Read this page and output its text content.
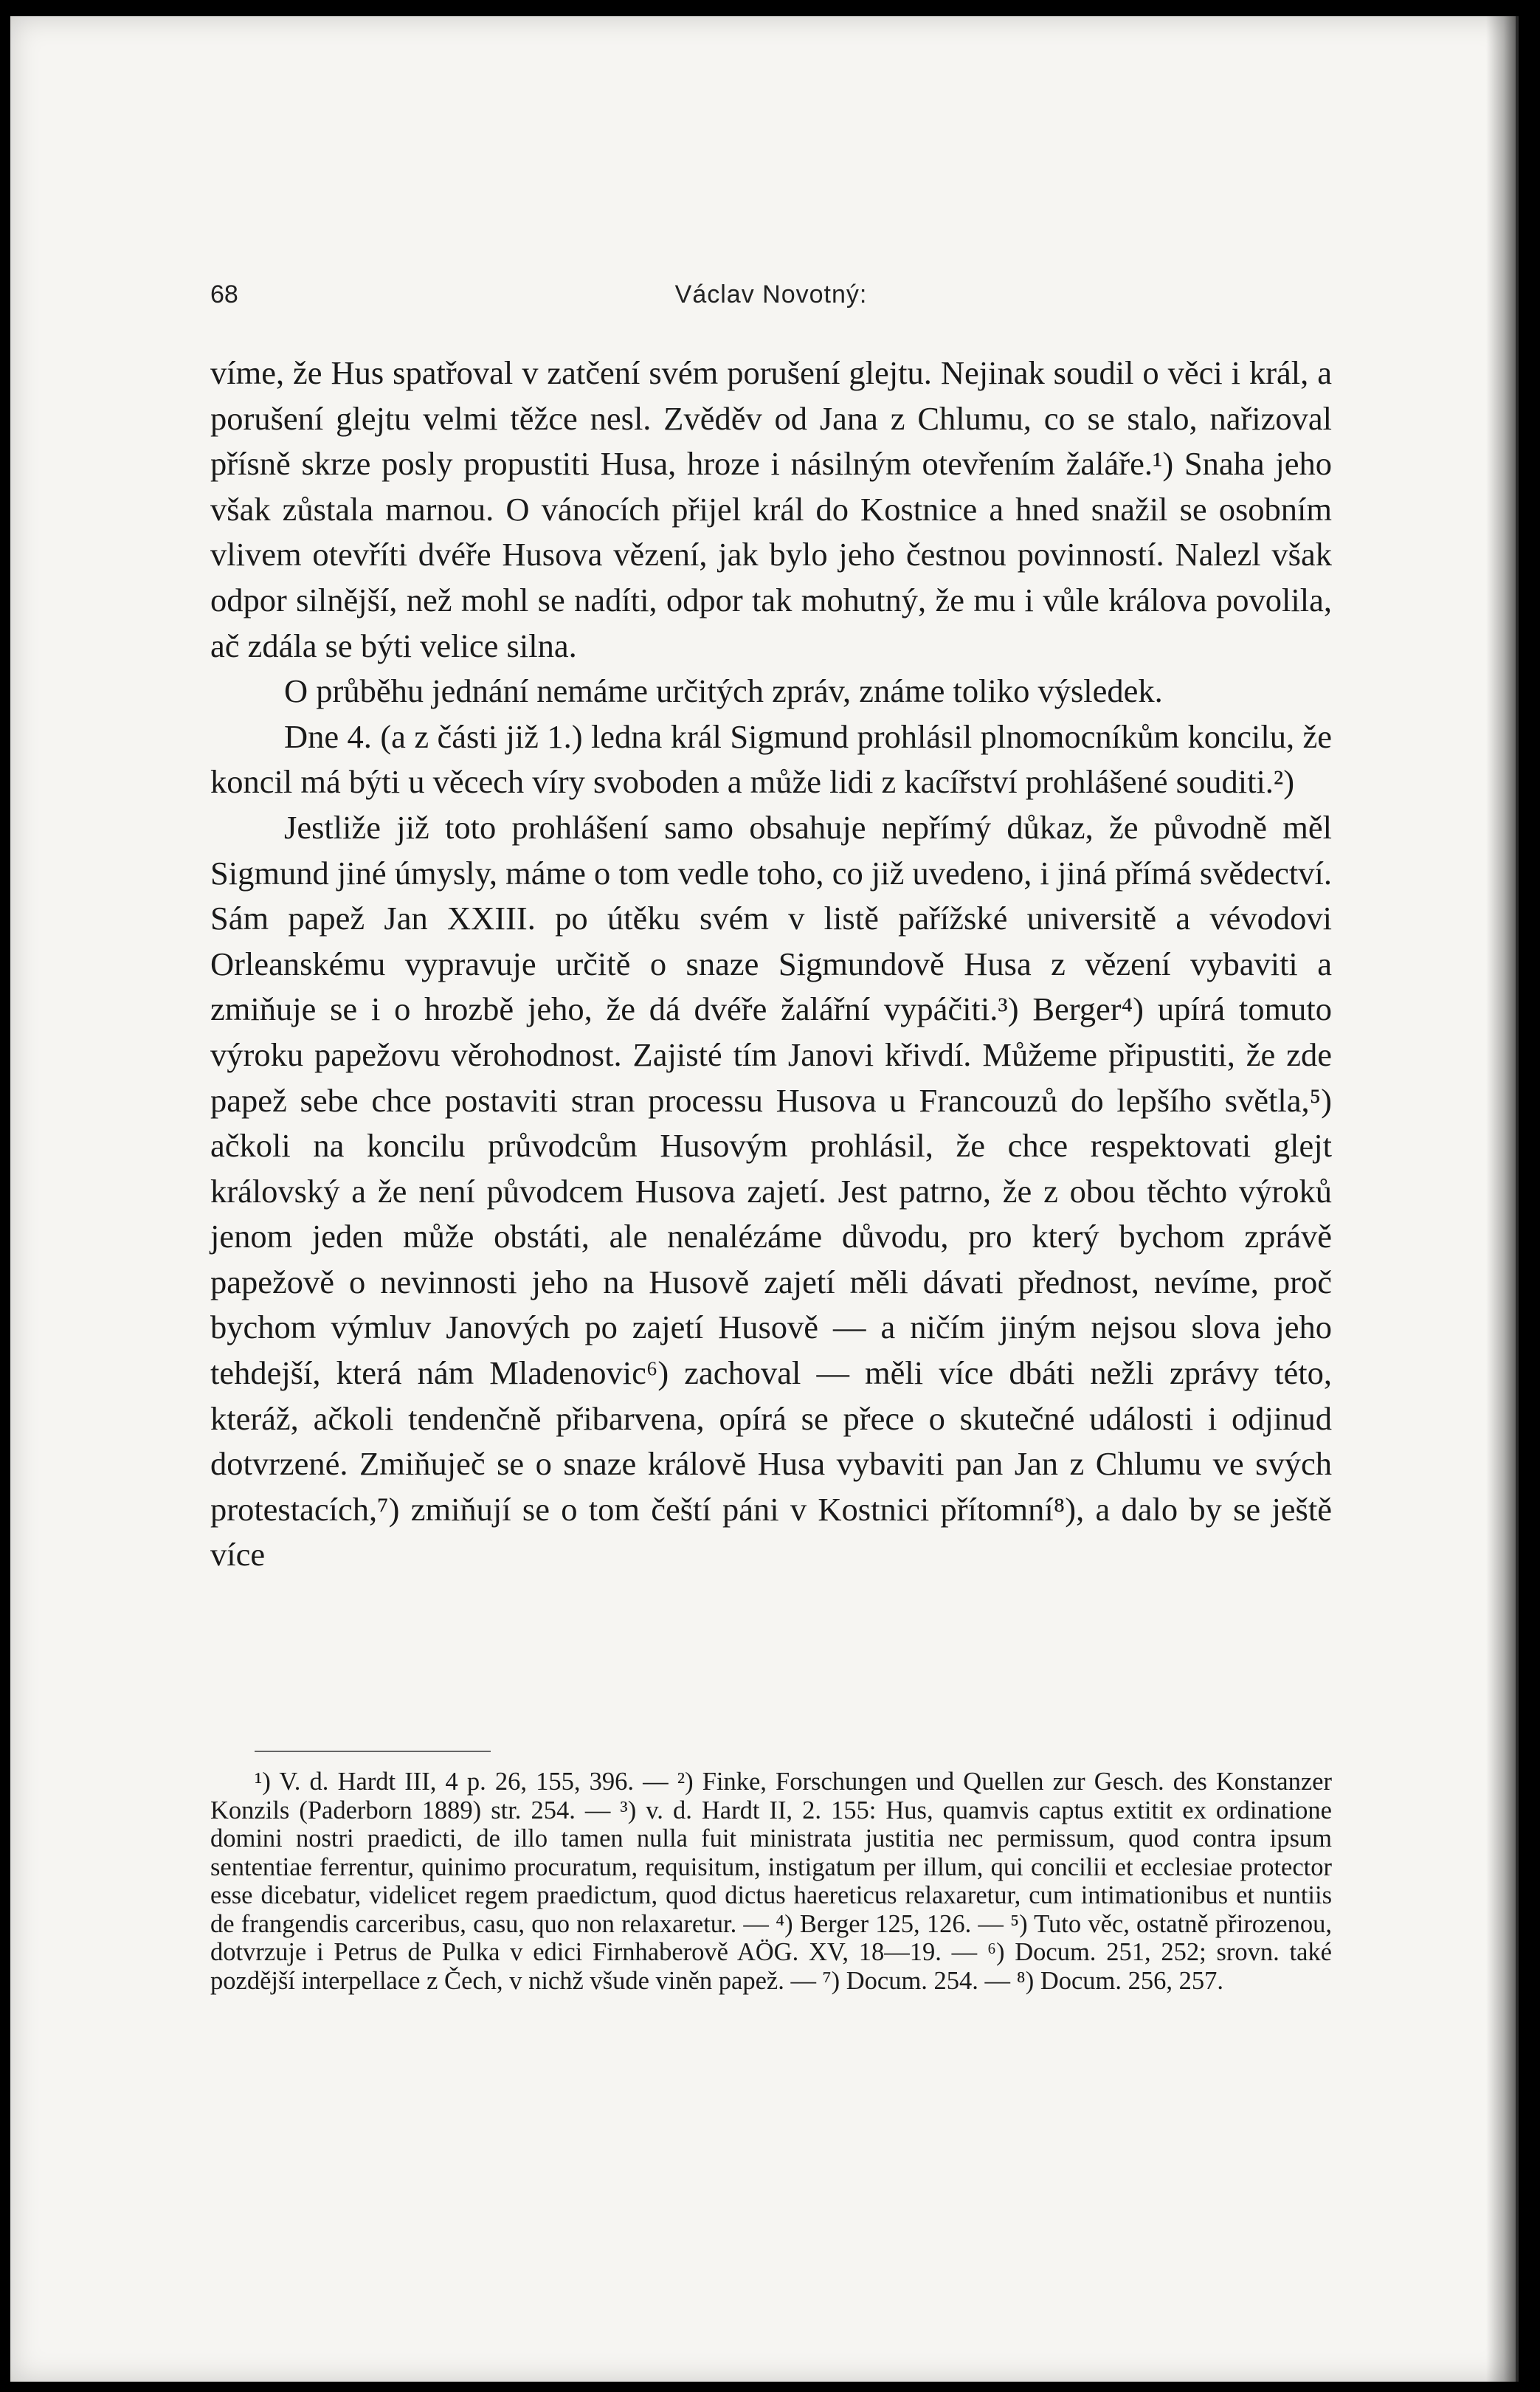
68	Václav Novotný:

víme, že Hus spatřoval v zatčení svém porušení glejtu. Nejinak soudil o věci i král, a porušení glejtu velmi těžce nesl. Zvěděv od Jana z Chlumu, co se stalo, nařizoval přísně skrze posly propustiti Husa, hroze i násilným otevřením žaláře.¹) Snaha jeho však zůstala marnou. O vánocích přijel král do Kostnice a hned snažil se osobním vlivem otevříti dvéře Husova vězení, jak bylo jeho čestnou povinností. Nalezl však odpor silnější, než mohl se nadíti, odpor tak mohutný, že mu i vůle králova povolila, ač zdála se býti velice silna.

O průběhu jednání nemáme určitých zpráv, známe toliko výsledek.

Dne 4. (a z části již 1.) ledna král Sigmund prohlásil plnomocníkům koncilu, že koncil má býti u věcech víry svoboden a může lidi z kacířství prohlášené souditi.²)

Jestliže již toto prohlášení samo obsahuje nepřímý důkaz, že původně měl Sigmund jiné úmysly, máme o tom vedle toho, co již uvedeno, i jiná přímá svědectví. Sám papež Jan XXIII. po útěku svém v listě pařížské universitě a vévodovi Orleanskému vypravuje určitě o snaze Sigmundově Husa z vězení vybaviti a zmiňuje se i o hrozbě jeho, že dá dvéře žalářní vypáčiti.³) Berger⁴) upírá tomuto výroku papežovu věrohodnost. Zajisté tím Janovi křivdí. Můžeme připustiti, že zde papež sebe chce postaviti stran processu Husova u Francouzů do lepšího světla,⁵) ačkoli na koncilu průvodcům Husovým prohlásil, že chce respektovati glejt královský a že není původcem Husova zajetí. Jest patrno, že z obou těchto výroků jenom jeden může obstáti, ale nenalézáme důvodu, pro který bychom zprávě papežově o nevinnosti jeho na Husově zajetí měli dávati přednost, nevíme, proč bychom výmluv Janových po zajetí Husově — a ničím jiným nejsou slova jeho tehdejší, která nám Mladenovic⁶) zachoval — měli více dbáti nežli zprávy této, kteráž, ačkoli tendenčně přibarvena, opírá se přece o skutečné události i odjinud dotvrzené. Zmiňuječ se o snaze královĕ Husa vybaviti pan Jan z Chlumu ve svých protestacích,⁷) zmiňují se o tom čeští páni v Kostnici přítomní⁸), a dalo by se ještě více

¹) V. d. Hardt III, 4 p. 26, 155, 396. — ²) Finke, Forschungen und Quellen zur Gesch. des Konstanzer Konzils (Paderborn 1889) str. 254. — ³) v. d. Hardt II, 2. 155: Hus, quamvis captus extitit ex ordinatione domini nostri praedicti, de illo tamen nulla fuit ministrata justitia nec permissum, quod contra ipsum sententiae ferrentur, quinimo procuratum, requisitum, instigatum per illum, qui concilii et ecclesiae protector esse dicebatur, videlicet regem praedictum, quod dictus haereticus relaxaretur, cum intimationibus et nuntiis de frangendis carceribus, casu, quo non relaxaretur. — ⁴) Berger 125, 126. — ⁵) Tuto věc, ostatně přirozenou, dotvrzuje i Petrus de Pulka v edici Firnhaberově AÖG. XV, 18—19. — ⁶) Docum. 251, 252; srovn. také pozdější interpellace z Čech, v nichž všude viněn papež. — ⁷) Docum. 254. — ⁸) Docum. 256, 257.
